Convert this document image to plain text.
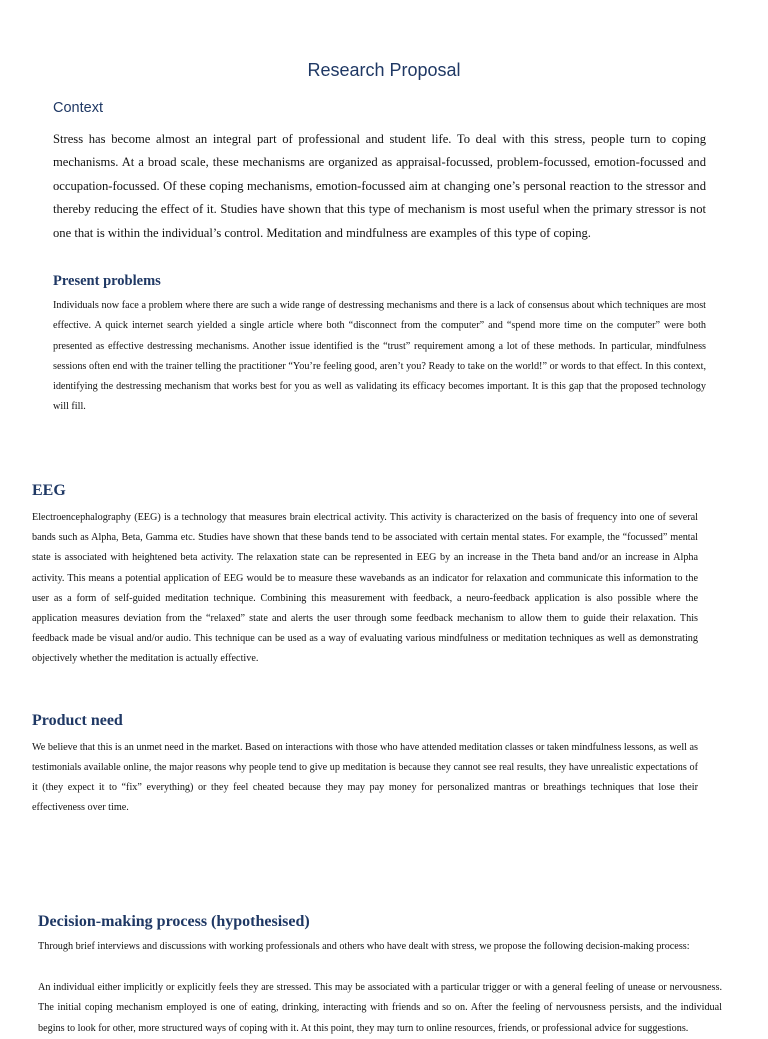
Research Proposal
Context

Stress has become almost an integral part of professional and student life. To deal with this stress, people turn to coping mechanisms. At a broad scale, these mechanisms are organized as appraisal-focussed, problem-focussed, emotion-focussed and occupation-focussed. Of these coping mechanisms, emotion-focussed aim at changing one’s personal reaction to the stressor and thereby reducing the effect of it. Studies have shown that this type of mechanism is most useful when the primary stressor is not one that is within the individual’s control. Meditation and mindfulness are examples of this type of coping.

Present problems

Individuals now face a problem where there are such a wide range of destressing mechanisms and there is a lack of consensus about which techniques are most effective. A quick internet search yielded a single article where both “disconnect from the computer” and “spend more time on the computer” were both presented as effective destressing mechanisms. Another issue identified is the “trust” requirement among a lot of these methods. In particular, mindfulness sessions often end with the trainer telling the practitioner “You’re feeling good, aren’t you? Ready to take on the world!” or words to that effect. In this context, identifying the destressing mechanism that works best for you as well as validating its efficacy becomes important. It is this gap that the proposed technology will fill.

EEG

Electroencephalography (EEG) is a technology that measures brain electrical activity. This activity is characterized on the basis of frequency into one of several bands such as Alpha, Beta, Gamma etc. Studies have shown that these bands tend to be associated with certain mental states. For example, the “focussed” mental state is associated with heightened beta activity. The relaxation state can be represented in EEG by an increase in the Theta band and/or an increase in Alpha activity. This means a potential application of EEG would be to measure these wavebands as an indicator for relaxation and communicate this information to the user as a form of self-guided meditation technique. Combining this measurement with feedback, a neuro-feedback application is also possible where the application measures deviation from the “relaxed” state and alerts the user through some feedback mechanism to allow them to guide their relaxation. This feedback made be visual and/or audio. This technique can be used as a way of evaluating various mindfulness or meditation techniques as well as demonstrating objectively whether the meditation is actually effective.

Product need

We believe that this is an unmet need in the market. Based on interactions with those who have attended meditation classes or taken mindfulness lessons, as well as testimonials available online, the major reasons why people tend to give up meditation is because they cannot see real results, they have unrealistic expectations of it (they expect it to “fix” everything) or they feel cheated because they may pay money for personalized mantras or breathings techniques that lose their effectiveness over time.

Decision-making process (hypothesised)

Through brief interviews and discussions with working professionals and others who have dealt with stress, we propose the following decision-making process:

An individual either implicitly or explicitly feels they are stressed. This may be associated with a particular trigger or with a general feeling of unease or nervousness. The initial coping mechanism employed is one of eating, drinking, interacting with friends and so on. After the feeling of nervousness persists, and the individual begins to look for other, more structured ways of coping with it. At this point, they may turn to online resources, friends, or professional advice for suggestions.
